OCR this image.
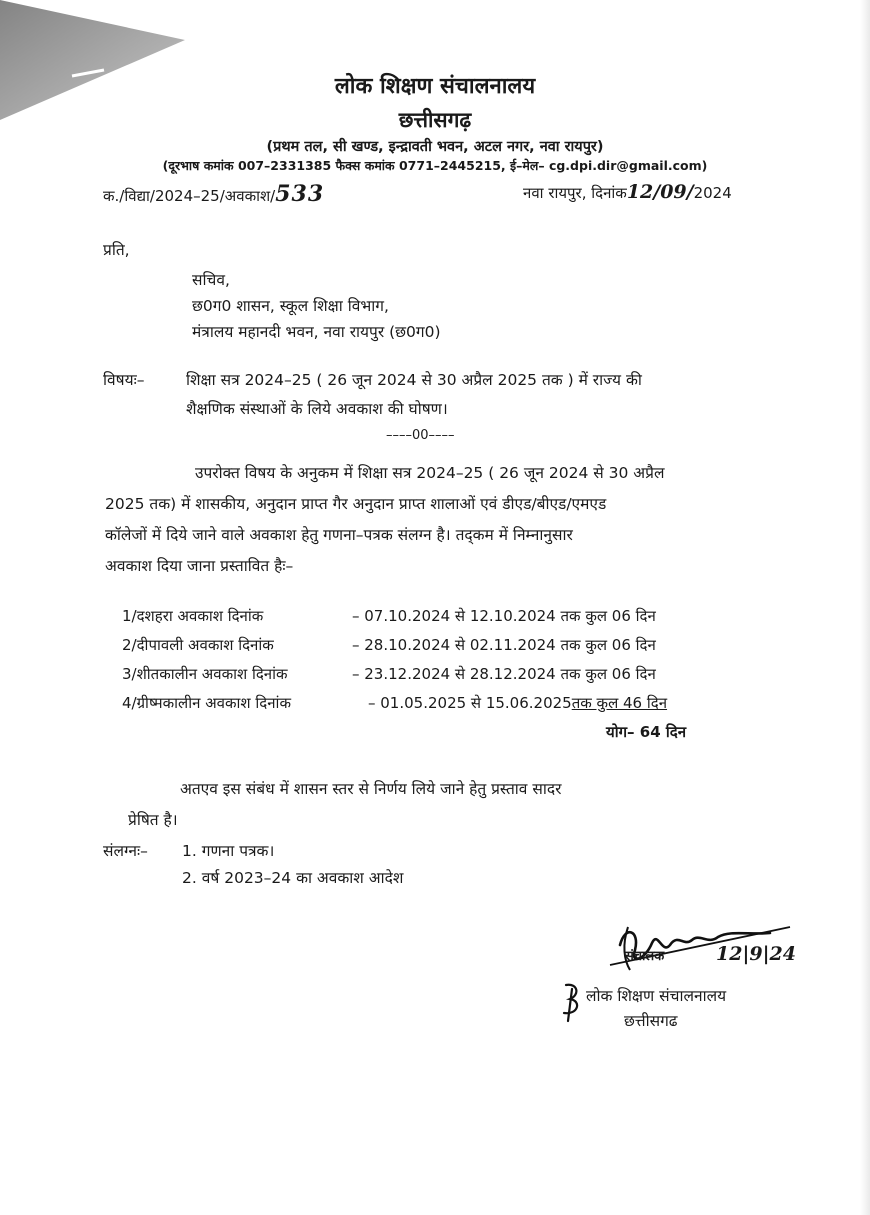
लोक शिक्षण संचालनालय
छत्तीसगढ़
(प्रथम तल, सी खण्ड, इन्द्रावती भवन, अटल नगर, नवा रायपुर)
(दूरभाष कमांक 007–2331385 फैक्स कमांक 0771–2445215, ई–मेल– cg.dpi.dir@gmail.com)
क./विद्या/2024–25/अवकाश/533	नवा रायपुर, दिनांक12/09/2024
प्रति,
सचिव,
छ0ग0 शासन, स्कूल शिक्षा विभाग,
मंत्रालय महानदी भवन, नवा रायपुर (छ0ग0)
विषयः–	शिक्षा सत्र 2024–25 ( 26 जून 2024 से 30 अप्रैल 2025 तक ) में राज्य की
शैक्षणिक संस्थाओं के लिये अवकाश की घोषण।
––––00––––
उपरोक्त विषय के अनुकम में शिक्षा सत्र 2024–25 ( 26 जून 2024 से 30 अप्रैल
2025 तक) में शासकीय, अनुदान प्राप्त गैर अनुदान प्राप्त शालाओं एवं डीएड/बीएड/एमएड
कॉलेजों में दिये जाने वाले अवकाश हेतु गणना–पत्रक संलग्न है। तद्कम में निम्नानुसार
अवकाश दिया जाना प्रस्तावित हैः–
1/दशहरा अवकाश दिनांक	– 07.10.2024 से 12.10.2024 तक कुल 06 दिन
2/दीपावली अवकाश दिनांक	– 28.10.2024 से 02.11.2024 तक कुल 06 दिन
3/शीतकालीन अवकाश दिनांक	– 23.12.2024 से 28.12.2024 तक कुल 06 दिन
4/ग्रीष्मकालीन अवकाश दिनांक	– 01.05.2025 से 15.06.2025तक कुल 46 दिन
योग– 64 दिन
अतएव इस संबंध में शासन स्तर से निर्णय लिये जाने हेतु प्रस्ताव सादर
प्रेषित है।
संलग्नः– 1. गणना पत्रक।
2. वर्ष 2023–24 का अवकाश आदेश
संचालक	12|9|24
लोक शिक्षण संचालनालय
छत्तीसगढ
